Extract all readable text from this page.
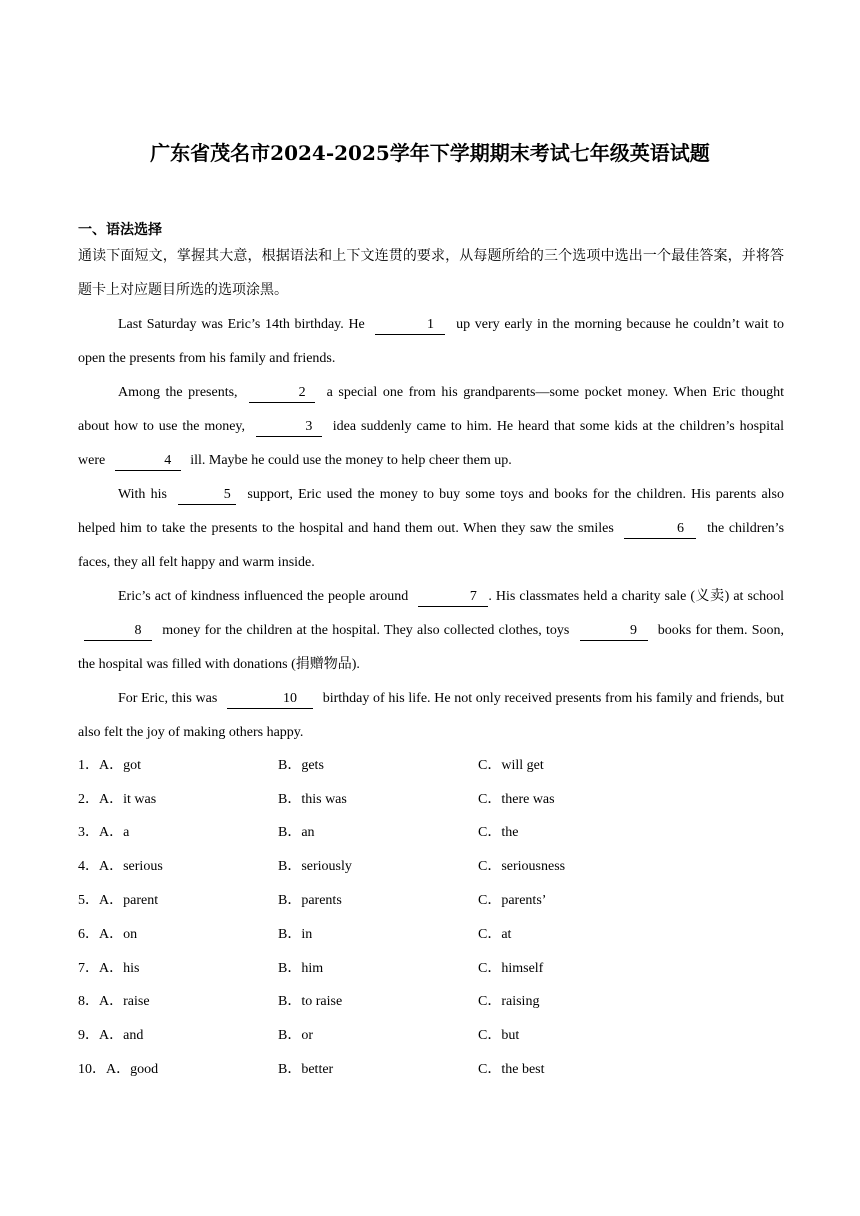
广东省茂名市2024-2025学年下学期期末考试七年级英语试题
一、语法选择

通读下面短文，掌握其大意，根据语法和上下文连贯的要求，从每题所给的三个选项中选出一个最佳答案，并将答题卡上对应题目所选的选项涂黑。

Last Saturday was Eric’s 14th birthday. He	1 up very early in the morning because he couldn’t wait to open the presents from his family and friends.

Among the presents,	2 a special one from his grandparents—some pocket money. When Eric thought about how to use the money,	3 idea suddenly came to him. He heard that some kids at the children’s hospital were	4 ill. Maybe he could use the money to help cheer them up.

With his	5 support, Eric used the money to buy some toys and books for the children. His parents also helped him to take the presents to the hospital and hand them out. When they saw the smiles	6 the children’s faces, they all felt happy and warm inside.

Eric’s act of kindness influenced the people around	7 . His classmates held a charity sale (义卖) at school 8 money for the children at the hospital. They also collected clothes, toys	9 books for them. Soon, the hospital was filled with donations (捐赠物品).

For Eric, this was	10 birthday of his life. He not only received presents from his family and friends, but also felt the joy of making others happy.

1．A．got	B．gets	C．will get
2．A．it was	B．this was	C．there was
3．A．a	B．an	C．the
4．A．serious	B．seriously	C．seriousness
5．A．parent	B．parents	C．parents’
6．A．on	B．in	C．at
7．A．his	B．him	C．himself
8．A．raise	B．to raise	C．raising
9．A．and	B．or	C．but
10．A．good	B．better	C．the best
